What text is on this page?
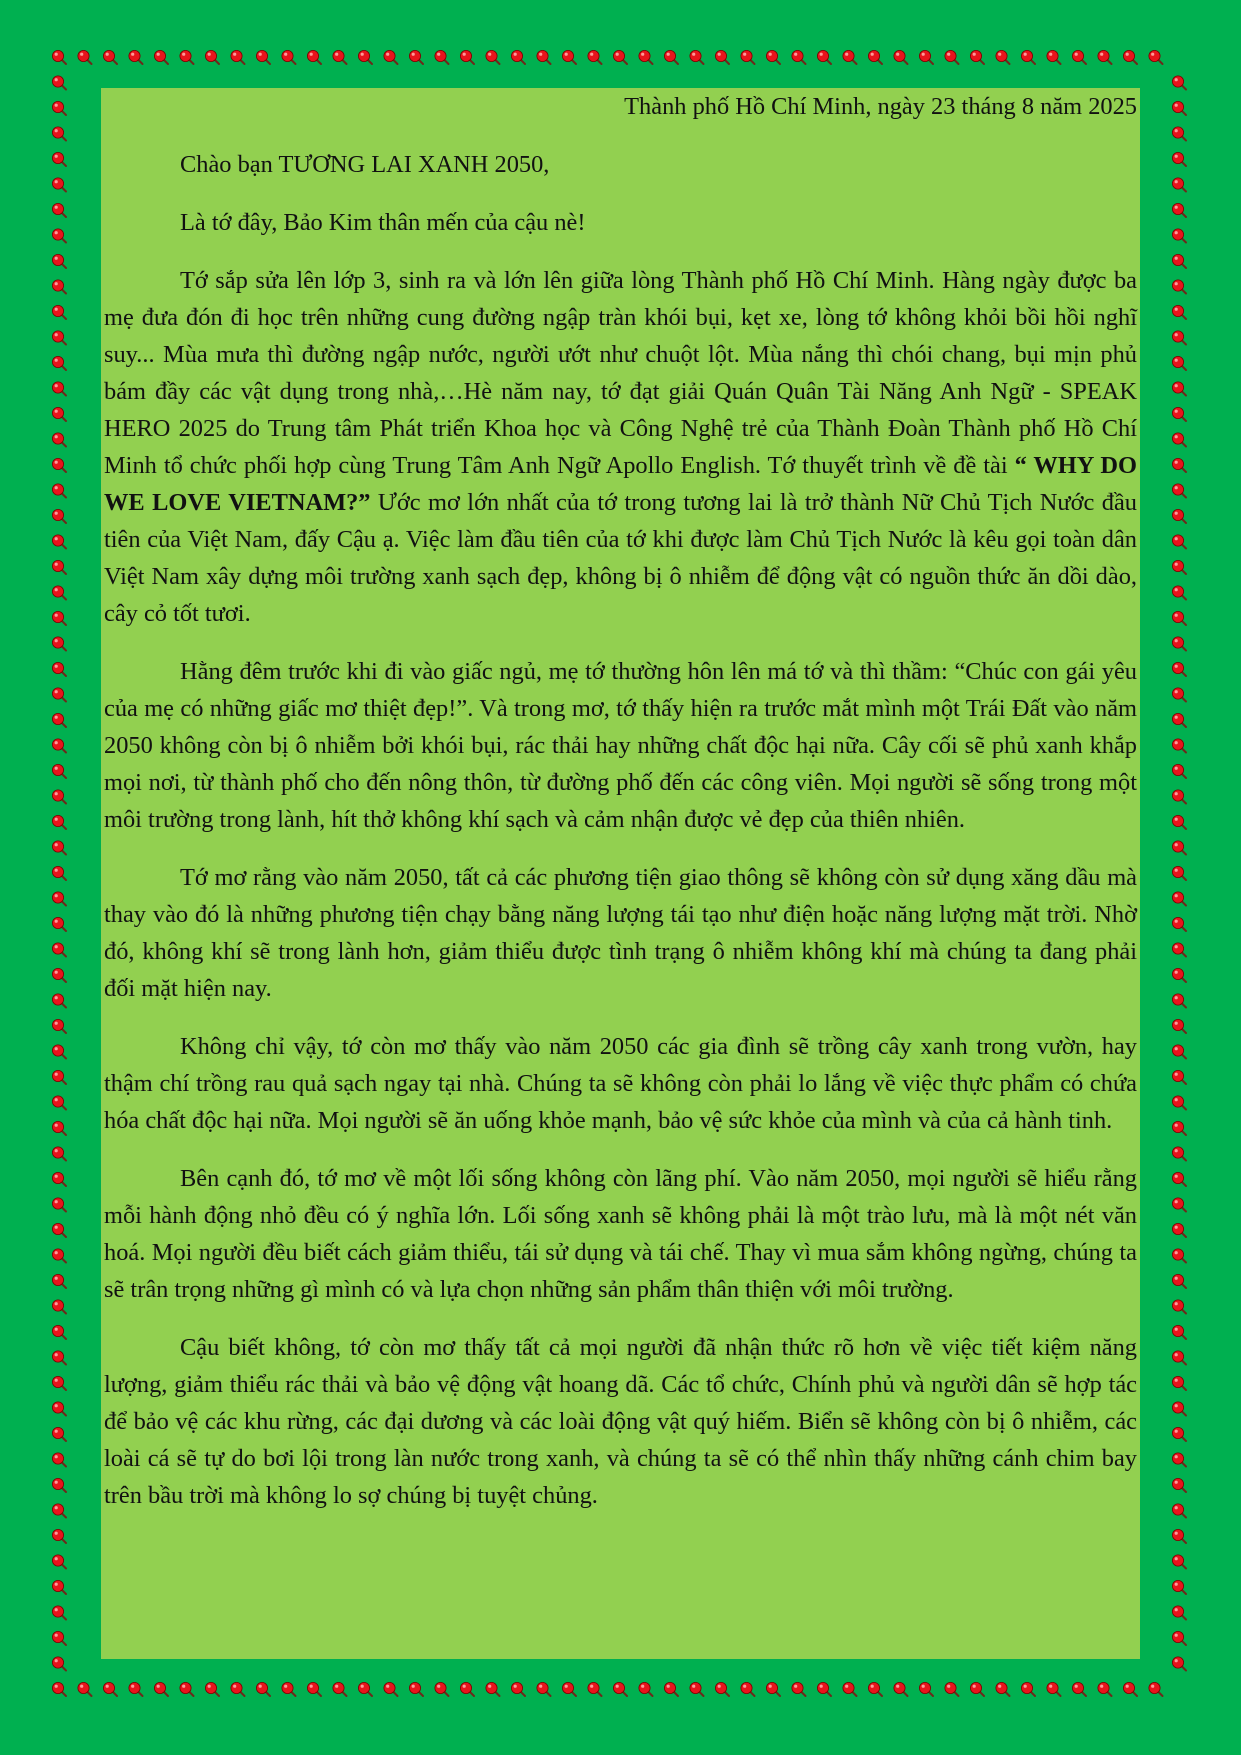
Thành phố Hồ Chí Minh, ngày 23 tháng 8 năm 2025

Chào bạn TƯƠNG LAI XANH 2050,

Là tớ đây, Bảo Kim thân mến của cậu nè!

Tớ sắp sửa lên lớp 3, sinh ra và lớn lên giữa lòng Thành phố Hồ Chí Minh. Hàng ngày được ba mẹ đưa đón đi học trên những cung đường ngập tràn khói bụi, kẹt xe, lòng tớ không khỏi bồi hồi nghĩ suy... Mùa mưa thì đường ngập nước, người ướt như chuột lột. Mùa nắng thì chói chang, bụi mịn phủ bám đầy các vật dụng trong nhà,…Hè năm nay, tớ đạt giải Quán Quân Tài Năng Anh Ngữ - SPEAK HERO 2025 do Trung tâm Phát triển Khoa học và Công Nghệ trẻ của Thành Đoàn Thành phố Hồ Chí Minh tổ chức phối hợp cùng Trung Tâm Anh Ngữ Apollo English. Tớ thuyết trình về đề tài “ WHY DO WE LOVE VIETNAM?” Ước mơ lớn nhất của tớ trong tương lai là trở thành Nữ Chủ Tịch Nước đầu tiên của Việt Nam, đấy Cậu ạ. Việc làm đầu tiên của tớ khi được làm Chủ Tịch Nước là kêu gọi toàn dân Việt Nam xây dựng môi trường xanh sạch đẹp, không bị ô nhiễm để động vật có nguồn thức ăn dồi dào, cây cỏ tốt tươi.

Hằng đêm trước khi đi vào giấc ngủ, mẹ tớ thường hôn lên má tớ và thì thầm: “Chúc con gái yêu của mẹ có những giấc mơ thiệt đẹp!”. Và trong mơ, tớ thấy hiện ra trước mắt mình một Trái Đất vào năm 2050 không còn bị ô nhiễm bởi khói bụi, rác thải hay những chất độc hại nữa. Cây cối sẽ phủ xanh khắp mọi nơi, từ thành phố cho đến nông thôn, từ đường phố đến các công viên. Mọi người sẽ sống trong một môi trường trong lành, hít thở không khí sạch và cảm nhận được vẻ đẹp của thiên nhiên.

Tớ mơ rằng vào năm 2050, tất cả các phương tiện giao thông sẽ không còn sử dụng xăng dầu mà thay vào đó là những phương tiện chạy bằng năng lượng tái tạo như điện hoặc năng lượng mặt trời. Nhờ đó, không khí sẽ trong lành hơn, giảm thiểu được tình trạng ô nhiễm không khí mà chúng ta đang phải đối mặt hiện nay.

Không chỉ vậy, tớ còn mơ thấy vào năm 2050 các gia đình sẽ trồng cây xanh trong vườn, hay thậm chí trồng rau quả sạch ngay tại nhà. Chúng ta sẽ không còn phải lo lắng về việc thực phẩm có chứa hóa chất độc hại nữa. Mọi người sẽ ăn uống khỏe mạnh, bảo vệ sức khỏe của mình và của cả hành tinh.

Bên cạnh đó, tớ mơ về một lối sống không còn lãng phí. Vào năm 2050, mọi người sẽ hiểu rằng mỗi hành động nhỏ đều có ý nghĩa lớn. Lối sống xanh sẽ không phải là một trào lưu, mà là một nét văn hoá. Mọi người đều biết cách giảm thiểu, tái sử dụng và tái chế. Thay vì mua sắm không ngừng, chúng ta sẽ trân trọng những gì mình có và lựa chọn những sản phẩm thân thiện với môi trường.

Cậu biết không, tớ còn mơ thấy tất cả mọi người đã nhận thức rõ hơn về việc tiết kiệm năng lượng, giảm thiểu rác thải và bảo vệ động vật hoang dã. Các tổ chức, Chính phủ và người dân sẽ hợp tác để bảo vệ các khu rừng, các đại dương và các loài động vật quý hiếm. Biển sẽ không còn bị ô nhiễm, các loài cá sẽ tự do bơi lội trong làn nước trong xanh, và chúng ta sẽ có thể nhìn thấy những cánh chim bay trên bầu trời mà không lo sợ chúng bị tuyệt chủng.
